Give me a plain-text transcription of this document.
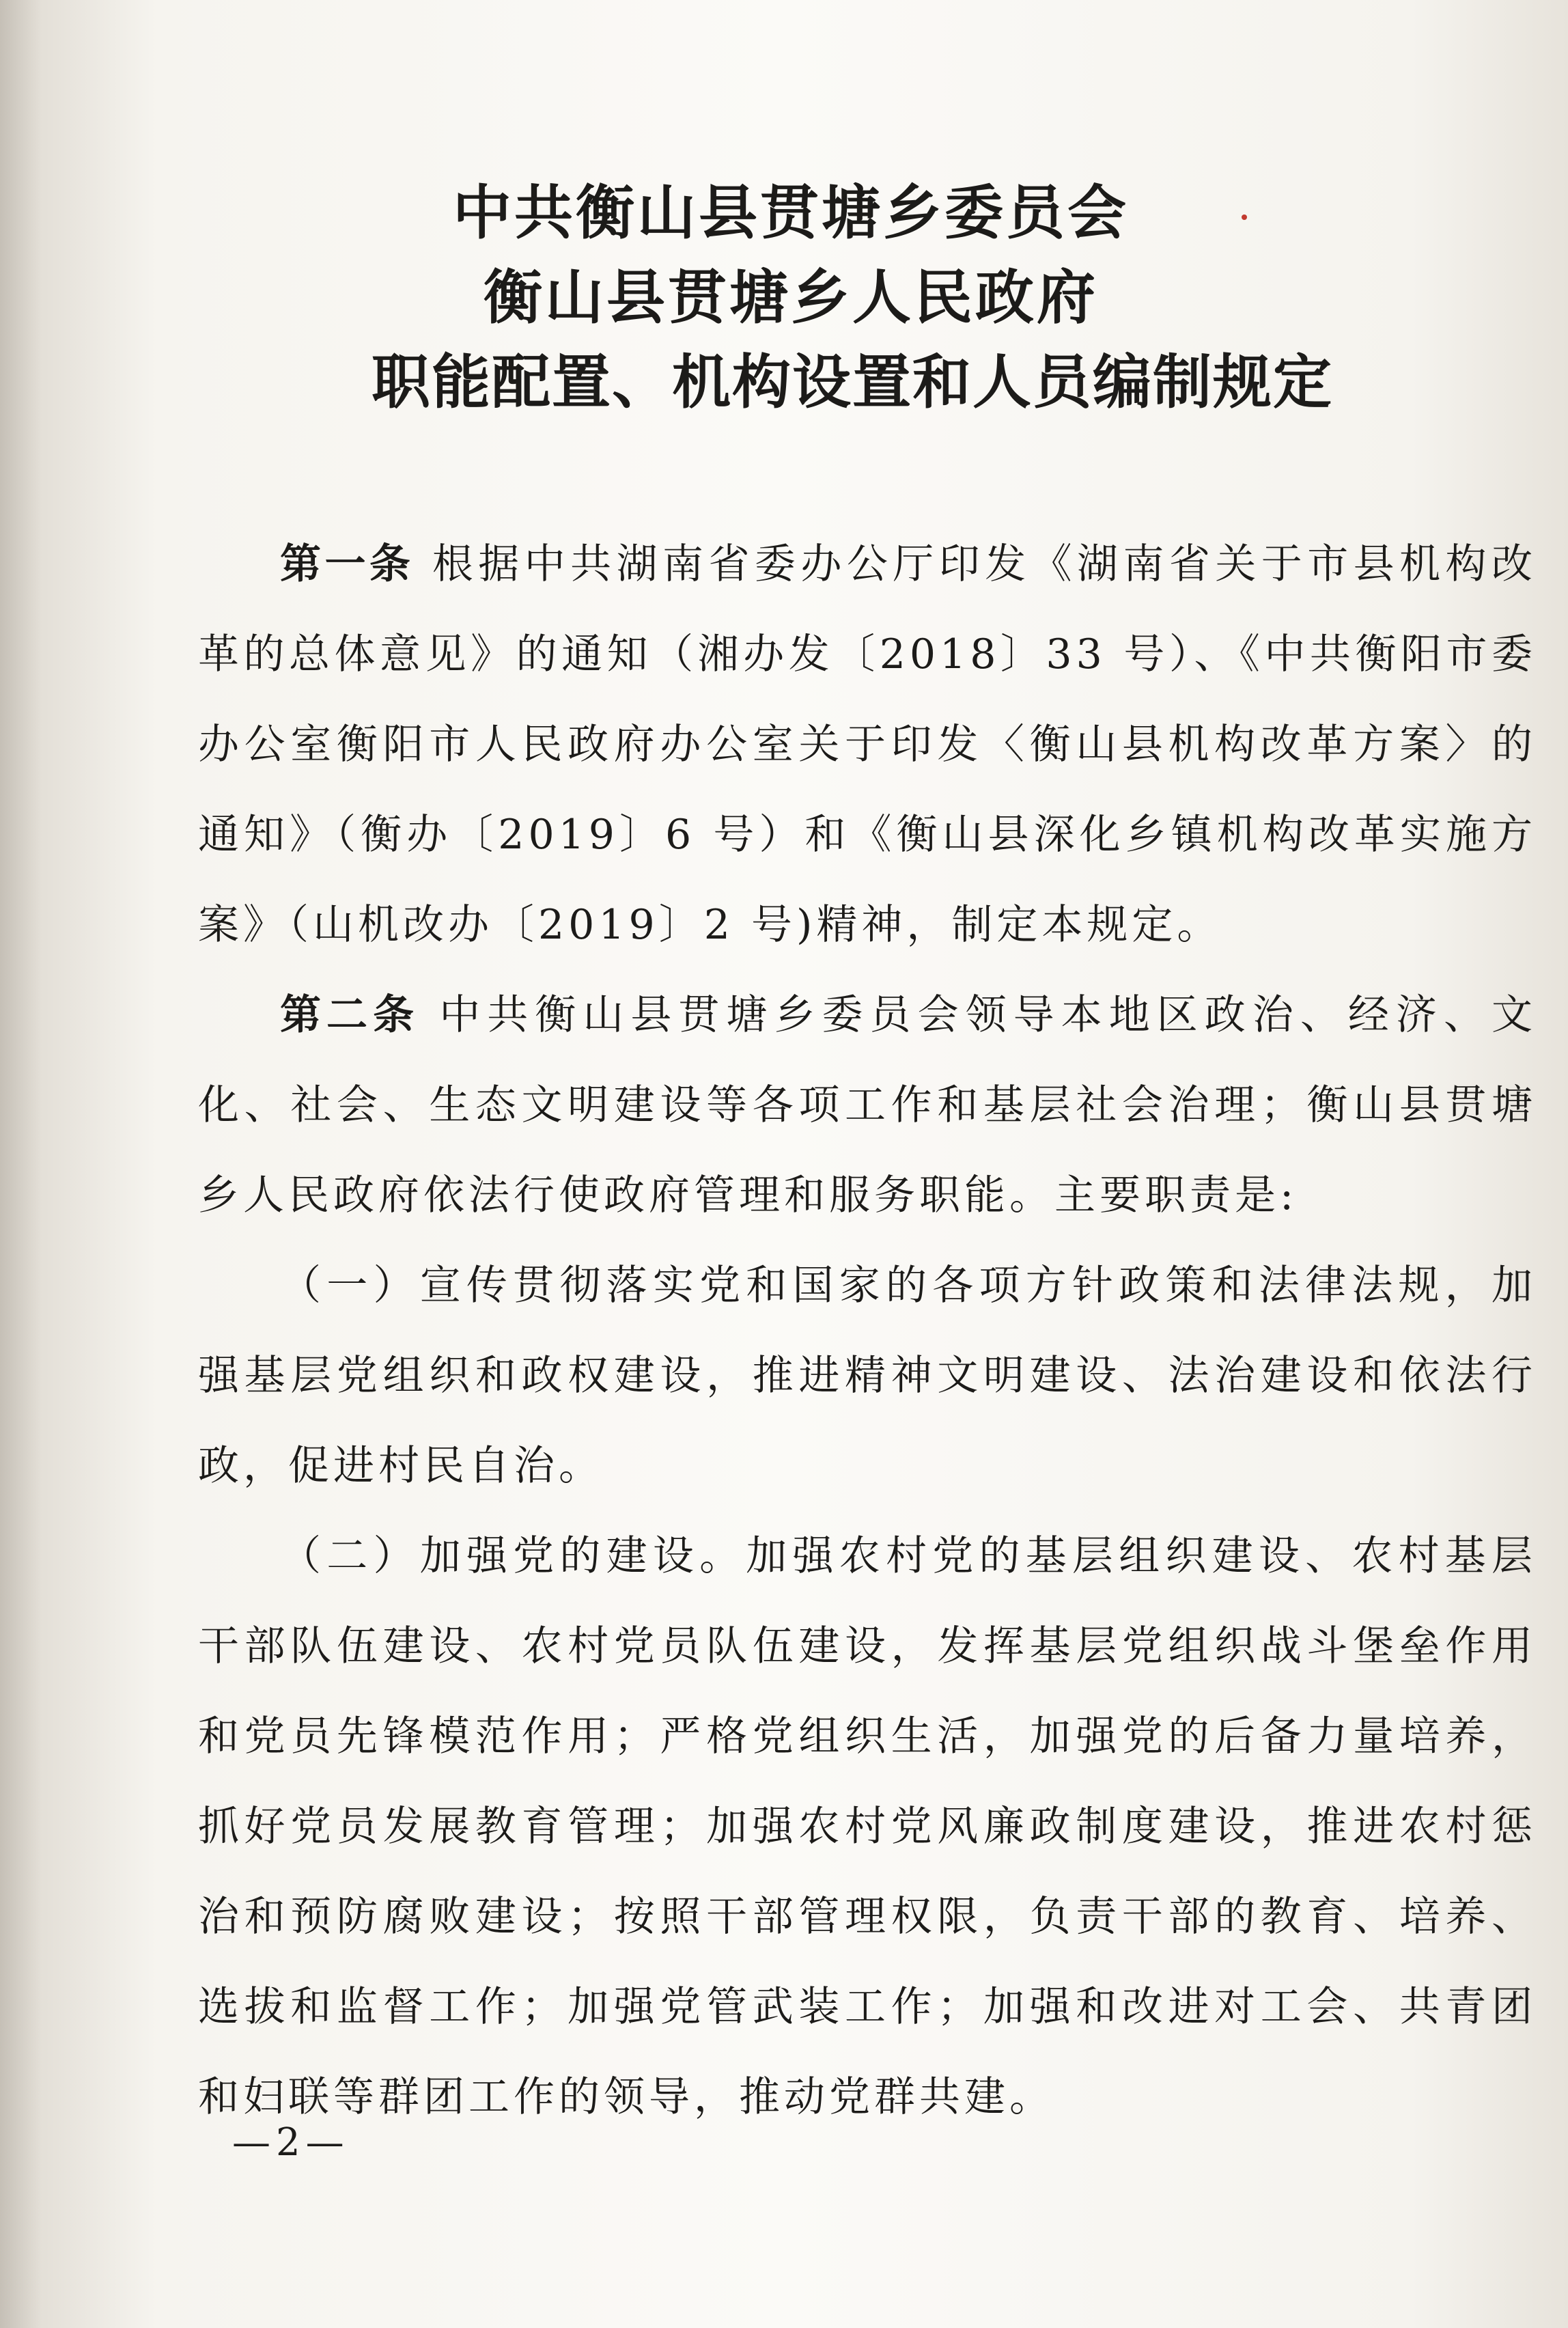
中共衡山县贯塘乡委员会
衡山县贯塘乡人民政府
职能配置、机构设置和人员编制规定

第一条 根据中共湖南省委办公厅印发《湖南省关于市县机构改革的总体意见》的通知（湘办发〔2018〕33 号）、《中共衡阳市委办公室衡阳市人民政府办公室关于印发〈衡山县机构改革方案〉的通知》（衡办〔2019〕6 号）和《衡山县深化乡镇机构改革实施方案》（山机改办〔2019〕2 号)精神，制定本规定。

第二条 中共衡山县贯塘乡委员会领导本地区政治、经济、文化、社会、生态文明建设等各项工作和基层社会治理；衡山县贯塘乡人民政府依法行使政府管理和服务职能。主要职责是:

（一）宣传贯彻落实党和国家的各项方针政策和法律法规，加强基层党组织和政权建设，推进精神文明建设、法治建设和依法行政，促进村民自治。

（二）加强党的建设。加强农村党的基层组织建设、农村基层干部队伍建设、农村党员队伍建设，发挥基层党组织战斗堡垒作用和党员先锋模范作用；严格党组织生活，加强党的后备力量培养，抓好党员发展教育管理；加强农村党风廉政制度建设，推进农村惩治和预防腐败建设；按照干部管理权限，负责干部的教育、培养、选拔和监督工作；加强党管武装工作；加强和改进对工会、共青团和妇联等群团工作的领导，推动党群共建。

—2—
